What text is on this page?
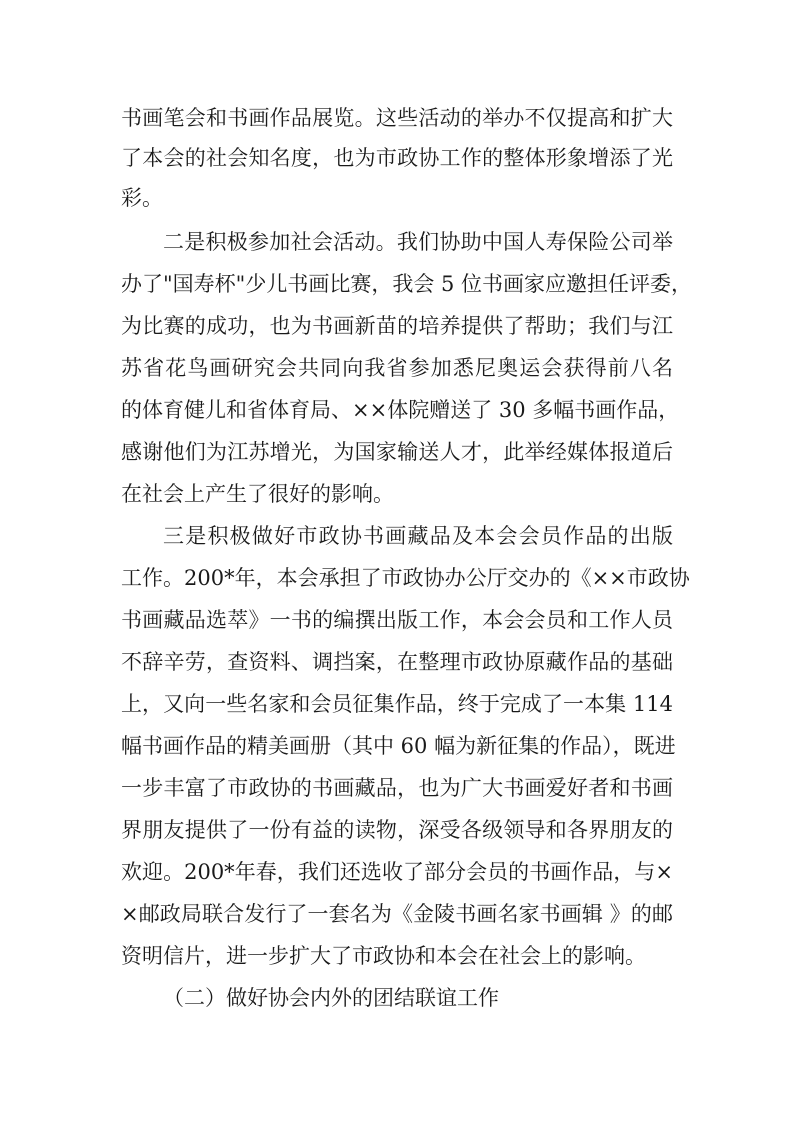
书画笔会和书画作品展览。这些活动的举办不仅提高和扩大
了本会的社会知名度，也为市政协工作的整体形象增添了光
彩。
二是积极参加社会活动。我们协助中国人寿保险公司举
办了"国寿杯"少儿书画比赛，我会 5 位书画家应邀担任评委，
为比赛的成功，也为书画新苗的培养提供了帮助；我们与江
苏省花鸟画研究会共同向我省参加悉尼奥运会获得前八名
的体育健儿和省体育局、××体院赠送了 30 多幅书画作品，
感谢他们为江苏增光，为国家输送人才，此举经媒体报道后
在社会上产生了很好的影响。
三是积极做好市政协书画藏品及本会会员作品的出版
工作。200*年，本会承担了市政协办公厅交办的《××市政协
书画藏品选萃》一书的编撰出版工作，本会会员和工作人员
不辞辛劳，查资料、调挡案，在整理市政协原藏作品的基础
上，又向一些名家和会员征集作品，终于完成了一本集 114
幅书画作品的精美画册（其中 60 幅为新征集的作品），既进
一步丰富了市政协的书画藏品，也为广大书画爱好者和书画
界朋友提供了一份有益的读物，深受各级领导和各界朋友的
欢迎。200*年春，我们还选收了部分会员的书画作品，与×
×邮政局联合发行了一套名为《金陵书画名家书画辑 》的邮
资明信片，进一步扩大了市政协和本会在社会上的影响。
（二）做好协会内外的团结联谊工作
